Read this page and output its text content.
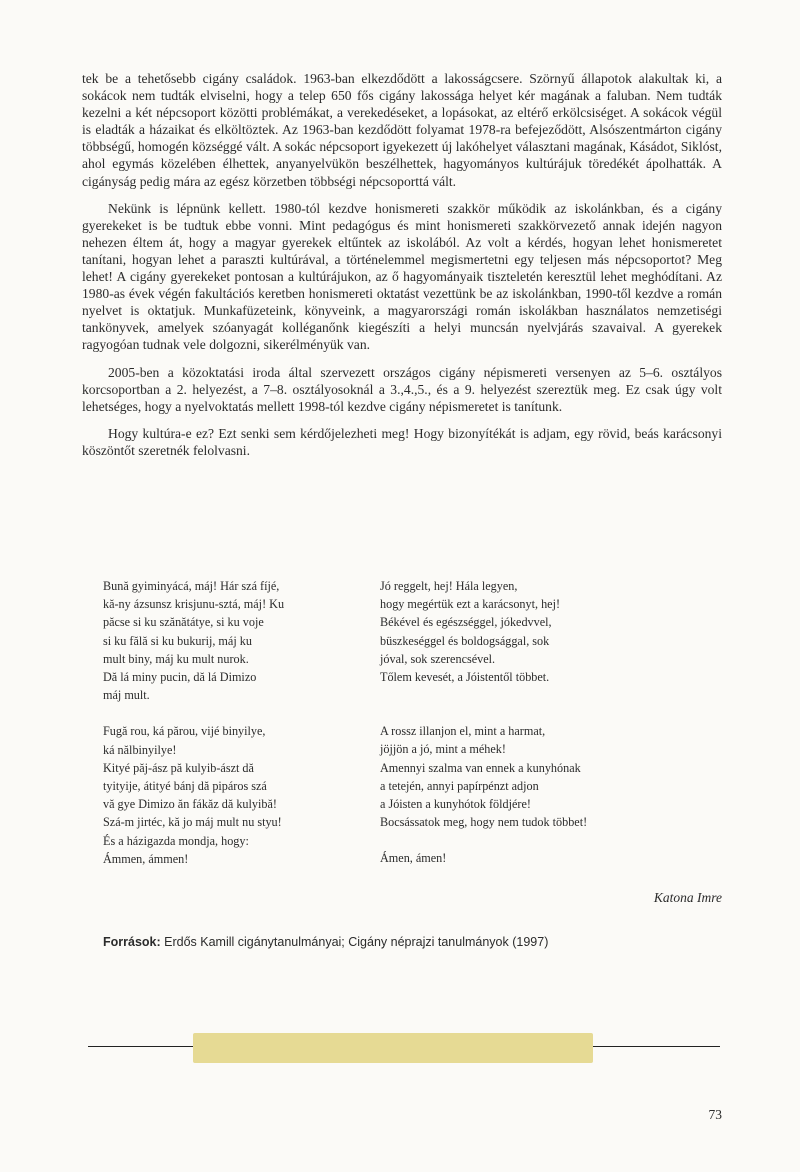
tek be a tehetősebb cigány családok. 1963-ban elkezdődött a lakosságcsere. Szörnyű állapotok alakultak ki, a sokácok nem tudták elviselni, hogy a telep 650 fős cigány lakossága helyet kér magának a faluban. Nem tudták kezelni a két népcsoport közötti problémákat, a verekedéseket, a lopásokat, az eltérő erkölcsiséget. A sokácok végül is eladták a házaikat és elköltöztek. Az 1963-ban kezdődött folyamat 1978-ra befejeződött, Alsószentmárton cigány többségű, homogén községgé vált. A sokác népcsoport igyekezett új lakóhelyet választani magának, Kásádot, Siklóst, ahol egymás közelében élhettek, anyanyelvükön beszélhettek, hagyományos kultúrájuk töredékét ápolhatták. A cigányság pedig mára az egész körzetben többségi népcsoporttá vált.

Nekünk is lépnünk kellett. 1980-tól kezdve honismereti szakkör működik az iskolánkban, és a cigány gyerekeket is be tudtuk ebbe vonni. Mint pedagógus és mint honismereti szakkörvezető annak idején nagyon nehezen éltem át, hogy a magyar gyerekek eltűntek az iskolából. Az volt a kérdés, hogyan lehet honismeretet tanítani, hogyan lehet a paraszti kultúrával, a történelemmel megismertetni egy teljesen más népcsoportot? Meg lehet! A cigány gyerekeket pontosan a kultúrájukon, az ő hagyományaik tiszteletén keresztül lehet meghódítani. Az 1980-as évek végén fakultációs keretben honismereti oktatást vezettünk be az iskolánkban, 1990-től kezdve a román nyelvet is oktatjuk. Munkafüzeteink, könyveink, a magyarországi román iskolákban használatos nemzetiségi tankönyvek, amelyek szóanyagát kolléganőnk kiegészíti a helyi muncsán nyelvjárás szavaival. A gyerekek ragyogóan tudnak vele dolgozni, sikerélményük van.

2005-ben a közoktatási iroda által szervezett országos cigány népismereti versenyen az 5–6. osztályos korcsoportban a 2. helyezést, a 7–8. osztályosoknál a 3.,4.,5., és a 9. helyezést szereztük meg. Ez csak úgy volt lehetséges, hogy a nyelvoktatás mellett 1998-tól kezdve cigány népismeretet is tanítunk.

Hogy kultúra-e ez? Ezt senki sem kérdőjelezheti meg! Hogy bizonyítékát is adjam, egy rövid, beás karácsonyi köszöntőt szeretnék felolvasni.

Bună gyiminyácá, máj! Hár szá fíjé,
kă-ny ázsunsz krisjunu-sztá, máj! Ku
păcse si ku szănătátye, si ku voje
si ku fălă si ku bukurij, máj ku
mult biny, máj ku mult nurok.
Dă lá miny pucin, dă lá Dimizo
máj mult.
Fugă rou, ká părou, vijé binyilye,
ká nălbinyilye!
Kityé păj-ász pă kulyib-ászt dă
tyityije, átityé bánj dă pipáros szá
vă gye Dimizo ăn fákăz dă kulyibă!
Szá-m jirtéc, kă jo máj mult nu styu!
És a házigazda mondja, hogy:
Ámmen, ámmen!
Jó reggelt, hej! Hála legyen,
hogy megértük ezt a karácsonyt, hej!
Békével és egészséggel, jókedvvel,
büszkeséggel és boldogsággal, sok
jóval, sok szerencsével.
Tőlem kevesét, a Jóistentől többet.
A rossz illanjon el, mint a harmat,
jöjjön a jó, mint a méhek!
Amennyi szalma van ennek a kunyhónak
a tetején, annyi papírpénzt adjon
a Jóisten a kunyhótok földjére!
Bocsássatok meg, hogy nem tudok többet!
Ámen, ámen!
Katona Imre
Források: Erdős Kamill cigánytanulmányai; Cigány néprajzi tanulmányok (1997)
73
